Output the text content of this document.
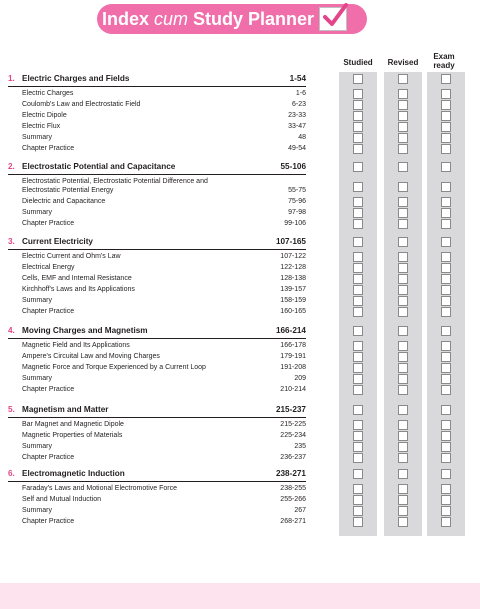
Index cum Study Planner
Studied	Revised
Exam
ready
1. Electric Charges and Fields	1-54
Electric Charges	1-6
Coulomb's Law and Electrostatic Field	6-23
Electric Dipole	23-33
Electric Flux	33-47
Summary	48
Chapter Practice	49-54
2. Electrostatic Potential and Capacitance	55-106
Electrostatic Potential, Electrostatic Potential Difference and Electrostatic Potential Energy	55-75
Dielectric and Capacitance	75-96
Summary	97-98
Chapter Practice	99-106
3. Current Electricity	107-165
Electric Current and Ohm's Law	107-122
Electrical Energy	122-128
Cells, EMF and Internal Resistance	128-138
Kirchhoff's Laws and Its Applications	139-157
Summary	158-159
Chapter Practice	160-165
4. Moving Charges and Magnetism	166-214
Magnetic Field and Its Applications	166-178
Ampere's Circuital Law and Moving Charges	179-191
Magnetic Force and Torque Experienced by a Current Loop	191-208
Summary	209
Chapter Practice	210-214
5. Magnetism and Matter	215-237
Bar Magnet and Magnetic Dipole	215-225
Magnetic Properties of Materials	225-234
Summary	235
Chapter Practice	236-237
6. Electromagnetic Induction	238-271
Faraday's Laws and Motional Electromotive Force	238-255
Self and Mutual Induction	255-266
Summary	267
Chapter Practice	268-271
